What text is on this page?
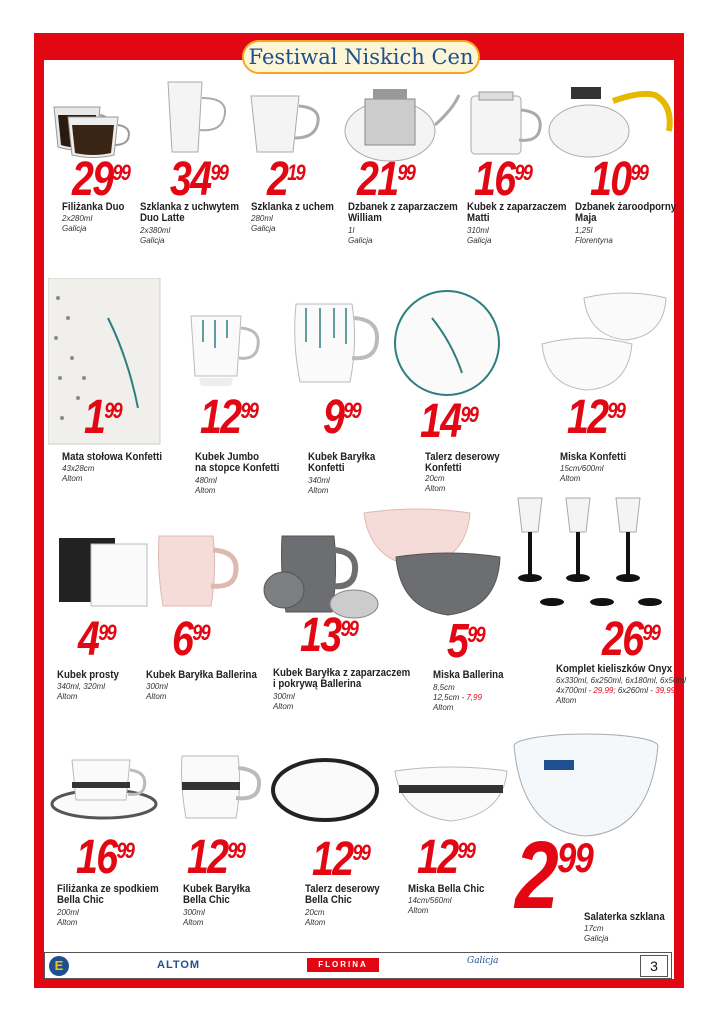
Festiwal Niskich Cen
$29^{99}$ $34^{99}$ $2^{19}$ $21^{99}$ $16^{99}$ $10^{99}$
$1^{99}$ $12^{99}$ $9^{99}$ $14^{99}$ $12^{99}$
$4^{99}$ $6^{99}$ $13^{99}$ $5^{99}$ $26^{99}$
$16^{99}$ $12^{99}$ $12^{99}$ $12^{99}$ $2^{99}$
Filiżanka Duo
2x280ml
Galicja
Szklanka z uchwytem
Duo Latte
2x380ml
Galicja
Szklanka z uchem
280ml
Galicja
Dzbanek z zaparzaczem
William
1l
Galicja
Kubek z zaparzaczem
Matti
310ml
Galicja
Dzbanek żaroodporny
Maja
1,25l
Florentyna
Mata stołowa Konfetti
43x28cm
Altom
Kubek Jumbo
na stopce Konfetti
480ml
Altom
Kubek Baryłka
Konfetti
340ml
Altom
Talerz deserowy
Konfetti
20cm
Altom
Miska Konfetti
15cm/600ml
Altom
Kubek prosty
340ml, 320ml
Altom
Kubek Baryłka Ballerina
300ml
Altom
Kubek Baryłka z zaparzaczem
i pokrywą Ballerina
300ml
Altom
Miska Ballerina
8,5cm
12,5cm - 7,99
Altom
Komplet kieliszków Onyx
6x330ml, 6x250ml, 6x180ml, 6x50ml
4x700ml - 29,99; 6x260ml - 39,99
Altom
Filiżanka ze spodkiem
Bella Chic
200ml
Altom
Kubek Baryłka
Bella Chic
300ml
Altom
Talerz deserowy
Bella Chic
20cm
Altom
Miska Bella Chic
14cm/560ml
Altom
Salaterka szklana
17cm
Galicja
E	ALTOM	FLORINA	Galicja	3
